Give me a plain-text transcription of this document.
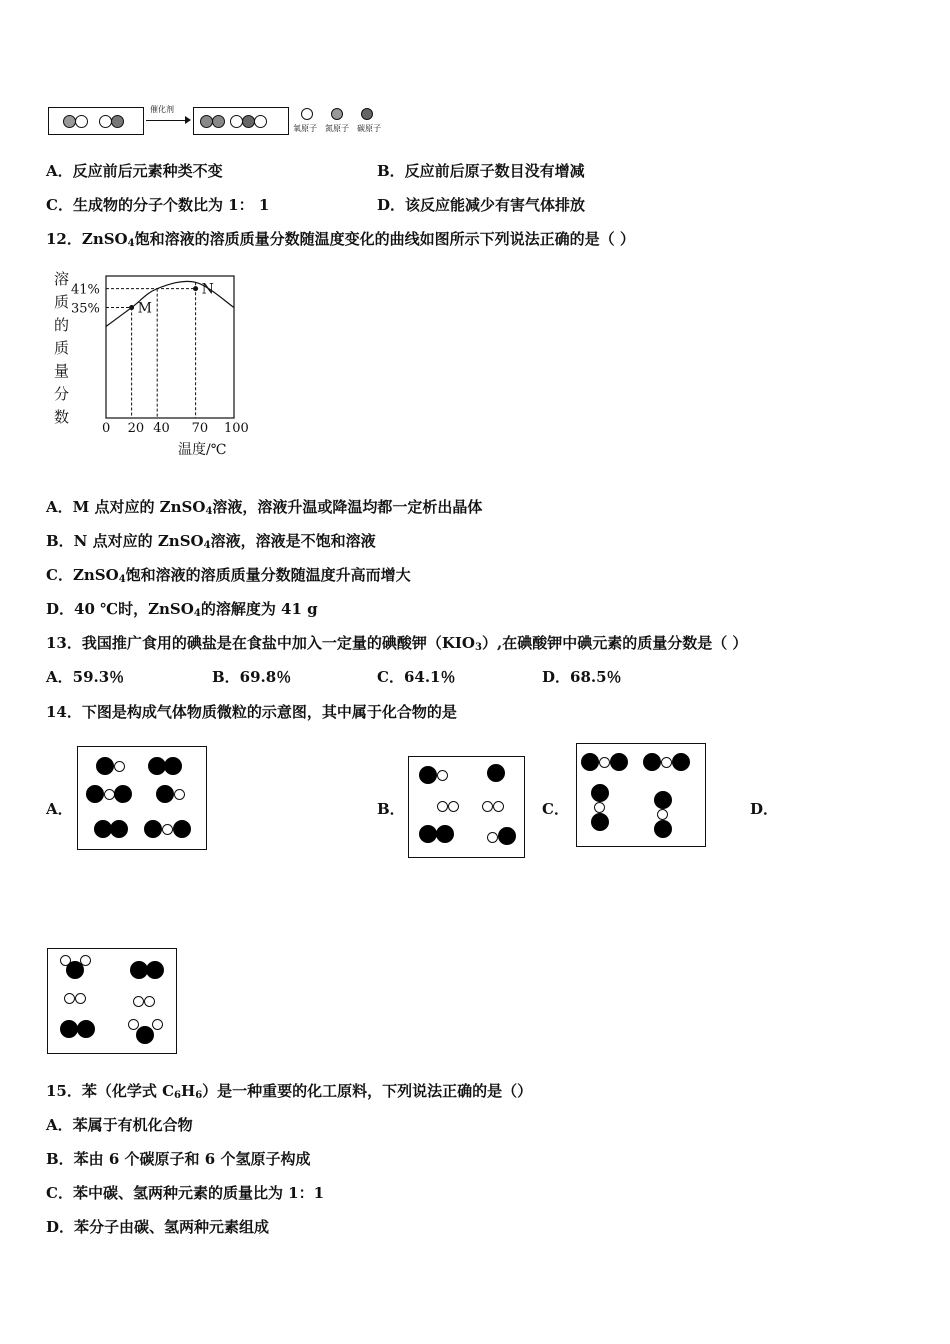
催化剂
氧原子 氮原子 碳原子
A．反应前后元素种类不变	B．反应前后原子数目没有增减
C．生成物的分子个数比为 1： 1	D．该反应能减少有害气体排放
12．ZnSO$_4$饱和溶液的溶质质量分数随温度变化的曲线如图所示下列说法正确的是（ ）
溶
质
的
质
量
分
数
M
N
41%
35%
0 20 40 70 100
温度/℃
A．M 点对应的 ZnSO$_4$溶液，溶液升温或降温均都一定析出晶体
B．N 点对应的 ZnSO$_4$溶液，溶液是不饱和溶液
C．ZnSO$_4$饱和溶液的溶质质量分数随温度升高而增大
D．40 ℃时，ZnSO$_4$的溶解度为 41 g
13．我国推广食用的碘盐是在食盐中加入一定量的碘酸钾$(KIO_3)$,在碘酸钾中碘元素的质量分数是（ ）
A．59.3％	B．69.8％	C．64.1％	D．68.5％
14．下图是构成气体物质微粒的示意图，其中属于化合物的是
A．	B．	C．	D．
15．苯（化学式 $C_6H_6$）是一种重要的化工原料，下列说法正确的是（）
A．苯属于有机化合物
B．苯由 6 个碳原子和 6 个氢原子构成
C．苯中碳、氢两种元素的质量比为 1：1
D．苯分子由碳、氢两种元素组成
